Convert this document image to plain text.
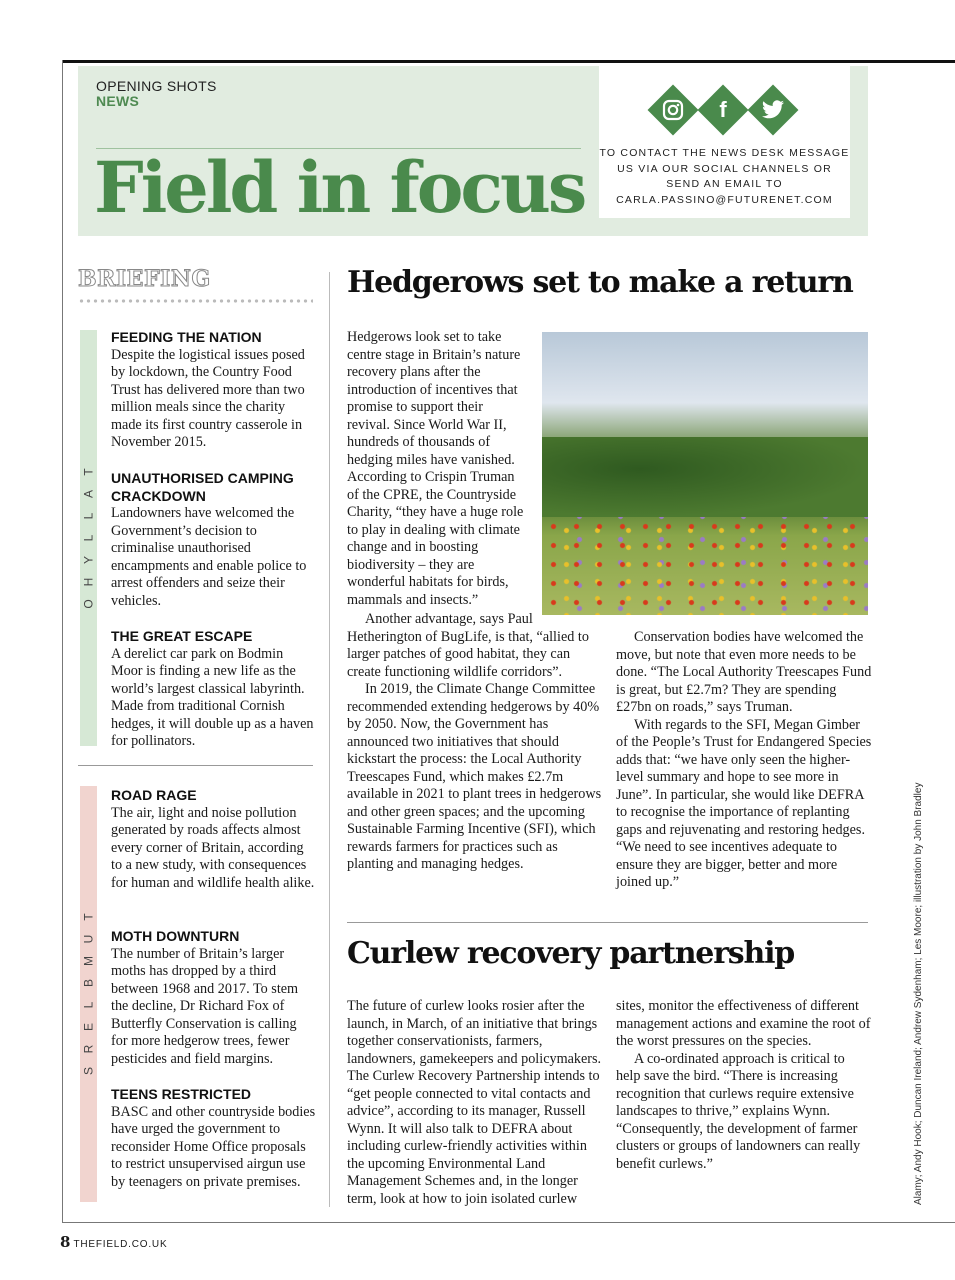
OPENING SHOTS
NEWS
Field in focus
f
TO CONTACT THE NEWS DESK MESSAGE US VIA OUR SOCIAL CHANNELS OR SEND AN EMAIL TO CARLA.PASSINO@FUTURENET.COM
BRIEFING
T
A
L
L
Y
H
O
T
U
M
B
L
E
R
S
FEEDING THE NATION

Despite the logistical issues posed by lockdown, the Country Food Trust has delivered more than two million meals since the charity made its first country casserole in November 2015.

UNAUTHORISED CAMPING CRACKDOWN

Landowners have welcomed the Government’s decision to criminalise unauthorised encampments and enable police to arrest offenders and seize their vehicles.

THE GREAT ESCAPE

A derelict car park on Bodmin Moor is finding a new life as the world’s largest classical labyrinth. Made from traditional Cornish hedges, it will double up as a haven for pollinators.

ROAD RAGE

The air, light and noise pollution generated by roads affects almost every corner of Britain, according to a new study, with consequences for human and wildlife health alike.

MOTH DOWNTURN

The number of Britain’s larger moths has dropped by a third between 1968 and 2017. To stem the decline, Dr Richard Fox of Butterfly Conservation is calling for more hedgerow trees, fewer pesticides and field margins.

TEENS RESTRICTED

BASC and other countryside bodies have urged the government to reconsider Home Office proposals to restrict unsupervised airgun use by teenagers on private premises.

Hedgerows set to make a return

Hedgerows look set to take centre stage in Britain’s nature recovery plans after the introduction of incentives that promise to support their revival. Since World War II, hundreds of thousands of hedging miles have vanished. According to Crispin Truman of the CPRE, the Countryside Charity, “they have a huge role to play in dealing with climate change and in boosting biodiversity – they are wonderful habitats for birds, mammals and insects.”

Another advantage, says Paul Hetherington of BugLife, is that, “allied to larger patches of good habitat, they can create functioning wildlife corridors”.

In 2019, the Climate Change Committee recommended extending hedgerows by 40% by 2050. Now, the Government has announced two initiatives that should kickstart the process: the Local Authority Treescapes Fund, which makes £2.7m available in 2021 to plant trees in hedgerows and other green spaces; and the upcoming Sustainable Farming Incentive (SFI), which rewards farmers for practices such as planting and managing hedges.

Conservation bodies have welcomed the move, but note that even more needs to be done. “The Local Authority Treescapes Fund is great, but £2.7m? They are spending £27bn on roads,” says Truman.

With regards to the SFI, Megan Gimber of the People’s Trust for Endangered Species adds that: “we have only seen the higher-level summary and hope to see more in June”. In particular, she would like DEFRA to recognise the importance of replanting gaps and rejuvenating and restoring hedges. “We need to see incentives adequate to ensure they are bigger, better and more joined up.”

Curlew recovery partnership

The future of curlew looks rosier after the launch, in March, of an initiative that brings together conservationists, farmers, landowners, gamekeepers and policymakers. The Curlew Recovery Partnership intends to “get people connected to vital contacts and advice”, according to its manager, Russell Wynn. It will also talk to DEFRA about including curlew-friendly activities within the upcoming Environmental Land Management Schemes and, in the longer term, look at how to join isolated curlew

sites, monitor the effectiveness of different management actions and examine the root of the worst pressures on the species.

A co-ordinated approach is critical to help save the bird. “There is increasing recognition that curlews require extensive landscapes to thrive,” explains Wynn. “Consequently, the development of farmer clusters or groups of landowners can really benefit curlews.”	Alamy; Andy Hook; Duncan Ireland; Andrew Sydenham; Les Moore; illustration by John Bradley
8 THEFIELD.CO.UK
